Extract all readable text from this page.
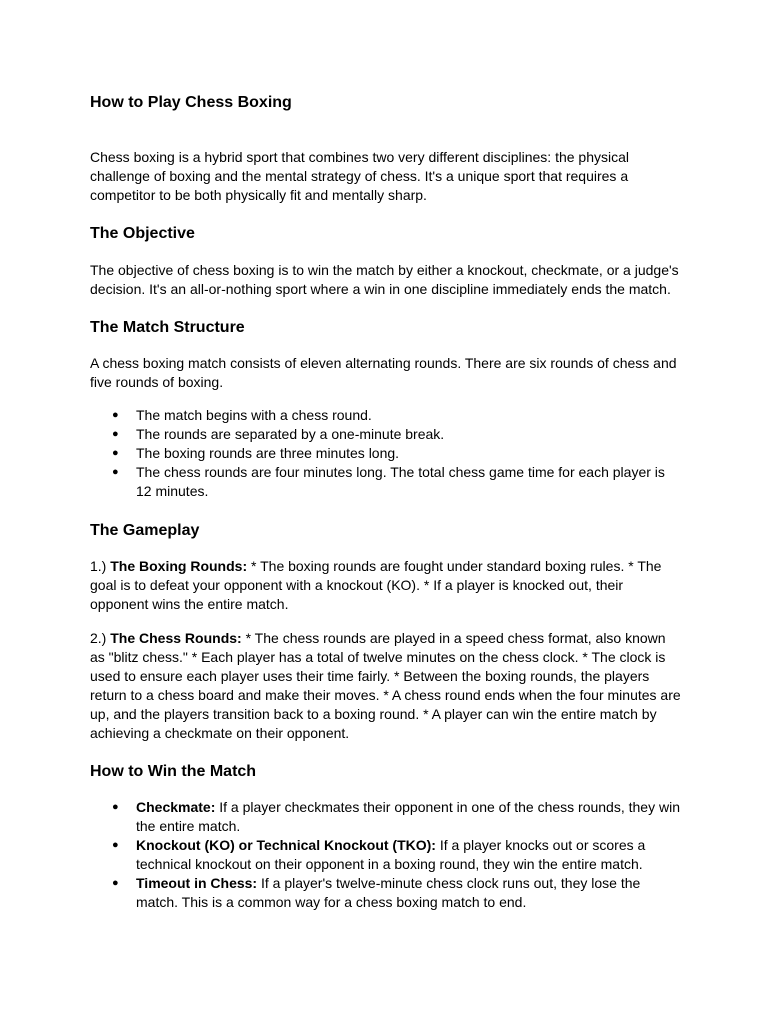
How to Play Chess Boxing

Chess boxing is a hybrid sport that combines two very different disciplines: the physical challenge of boxing and the mental strategy of chess. It's a unique sport that requires a competitor to be both physically fit and mentally sharp.

The Objective

The objective of chess boxing is to win the match by either a knockout, checkmate, or a judge's decision. It's an all-or-nothing sport where a win in one discipline immediately ends the match.

The Match Structure

A chess boxing match consists of eleven alternating rounds. There are six rounds of chess and five rounds of boxing.

● The match begins with a chess round.
● The rounds are separated by a one-minute break.
● The boxing rounds are three minutes long.
● The chess rounds are four minutes long. The total chess game time for each player is 12 minutes.
The Gameplay

1.) The Boxing Rounds: * The boxing rounds are fought under standard boxing rules. * The goal is to defeat your opponent with a knockout (KO). * If a player is knocked out, their opponent wins the entire match.

2.) The Chess Rounds: * The chess rounds are played in a speed chess format, also known as "blitz chess." * Each player has a total of twelve minutes on the chess clock. * The clock is used to ensure each player uses their time fairly. * Between the boxing rounds, the players return to a chess board and make their moves. * A chess round ends when the four minutes are up, and the players transition back to a boxing round. * A player can win the entire match by achieving a checkmate on their opponent.

How to Win the Match
● Checkmate: If a player checkmates their opponent in one of the chess rounds, they win the entire match.
● Knockout (KO) or Technical Knockout (TKO): If a player knocks out or scores a technical knockout on their opponent in a boxing round, they win the entire match.
● Timeout in Chess: If a player's twelve-minute chess clock runs out, they lose the match. This is a common way for a chess boxing match to end.
